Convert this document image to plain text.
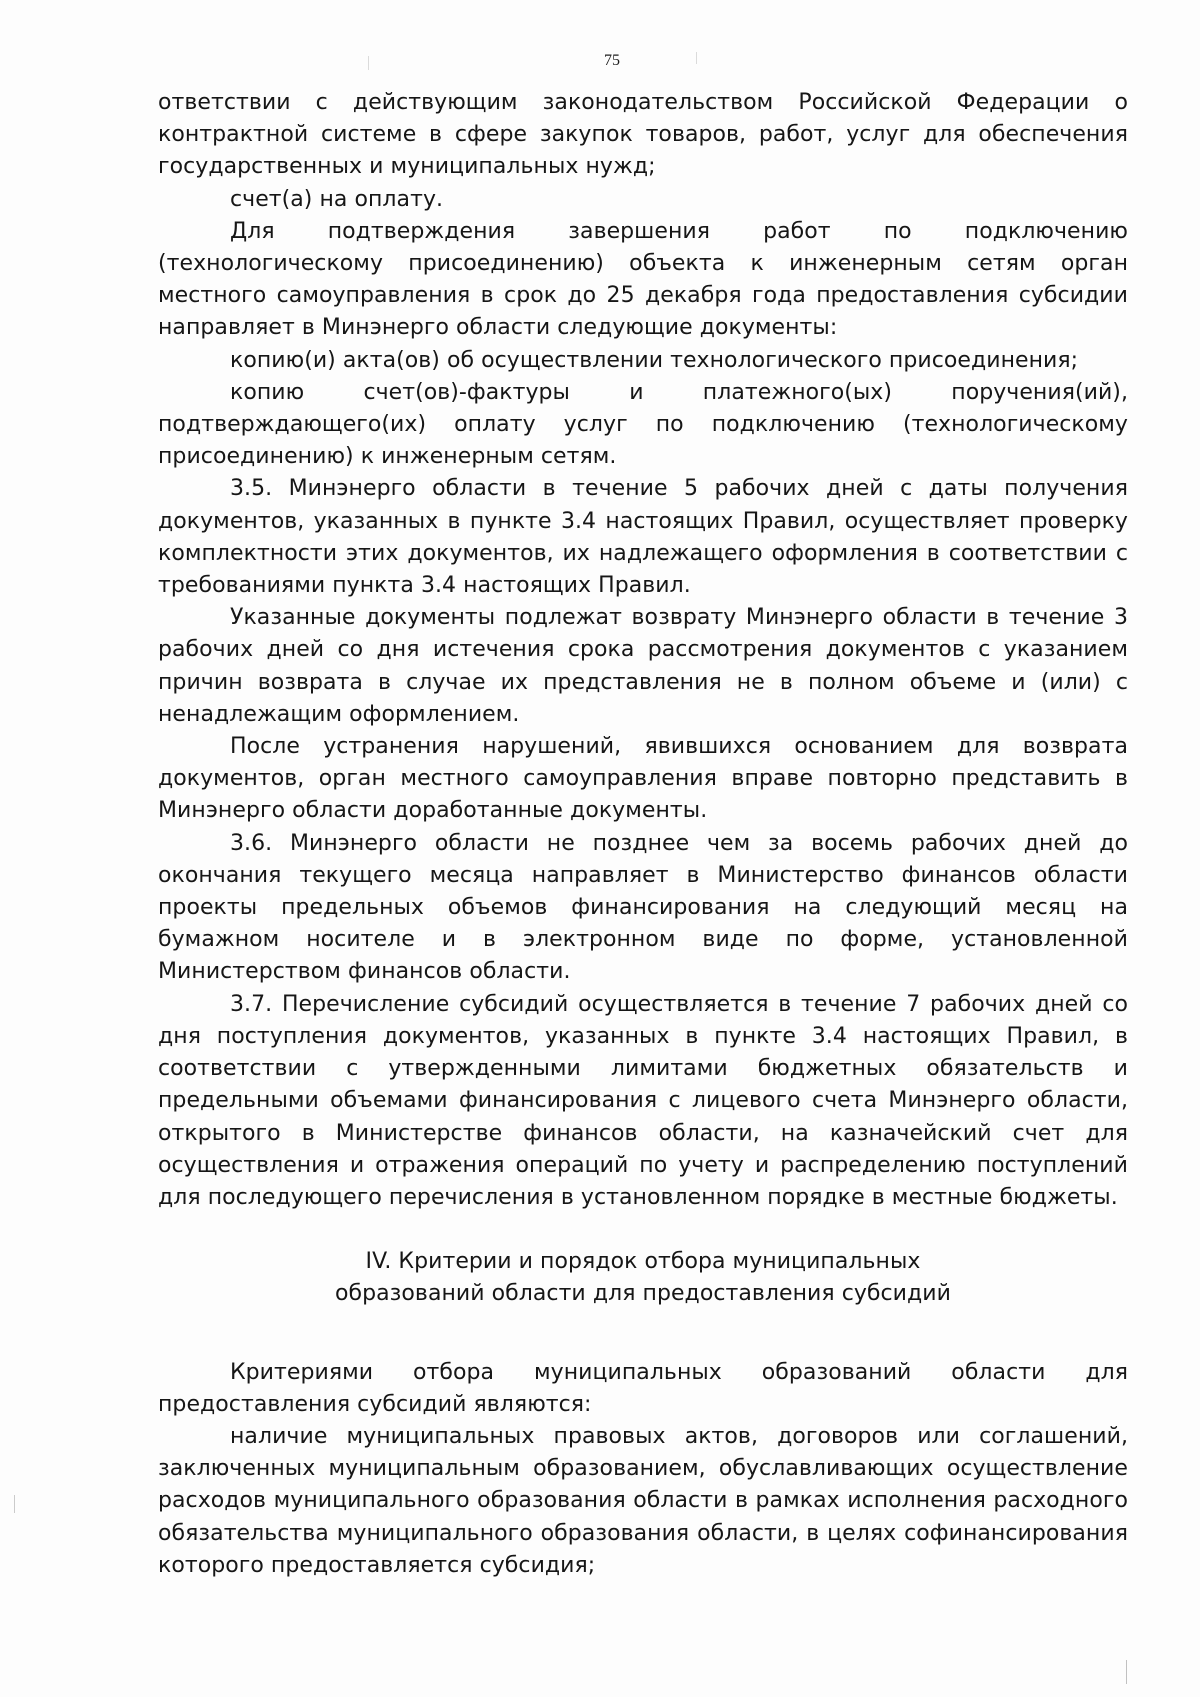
75

ответствии с действующим законодательством Российской Федерации о контрактной системе в сфере закупок товаров, работ, услуг для обеспечения государственных и муниципальных нужд;

счет(а) на оплату.

Для подтверждения завершения работ по подключению (технологическому присоединению) объекта к инженерным сетям орган местного самоуправления в срок до 25 декабря года предоставления субсидии направляет в Минэнерго области следующие документы:

копию(и) акта(ов) об осуществлении технологического присоединения;

копию счет(ов)-фактуры и платежного(ых) поручения(ий), подтверждающего(их) оплату услуг по подключению (технологическому присоединению) к инженерным сетям.

3.5. Минэнерго области в течение 5 рабочих дней с даты получения документов, указанных в пункте 3.4 настоящих Правил, осуществляет проверку комплектности этих документов, их надлежащего оформления в соответствии с требованиями пункта 3.4 настоящих Правил.

Указанные документы подлежат возврату Минэнерго области в течение 3 рабочих дней со дня истечения срока рассмотрения документов с указанием причин возврата в случае их представления не в полном объеме и (или) с ненадлежащим оформлением.

После устранения нарушений, явившихся основанием для возврата документов, орган местного самоуправления вправе повторно представить в Минэнерго области доработанные документы.

3.6. Минэнерго области не позднее чем за восемь рабочих дней до окончания текущего месяца направляет в Министерство финансов области проекты предельных объемов финансирования на следующий месяц на бумажном носителе и в электронном виде по форме, установленной Министерством финансов области.

3.7. Перечисление субсидий осуществляется в течение 7 рабочих дней со дня поступления документов, указанных в пункте 3.4 настоящих Правил, в соответствии с утвержденными лимитами бюджетных обязательств и предельными объемами финансирования с лицевого счета Минэнерго области, открытого в Министерстве финансов области, на казначейский счет для осуществления и отражения операций по учету и распределению поступлений для последующего перечисления в установленном порядке в местные бюджеты.

IV. Критерии и порядок отбора муниципальных
образований области для предоставления субсидий

Критериями отбора муниципальных образований области для предоставления субсидий являются:

наличие муниципальных правовых актов, договоров или соглашений, заключенных муниципальным образованием, обуславливающих осуществление расходов муниципального образования области в рамках исполнения расходного обязательства муниципального образования области, в целях софинансирования которого предоставляется субсидия;
